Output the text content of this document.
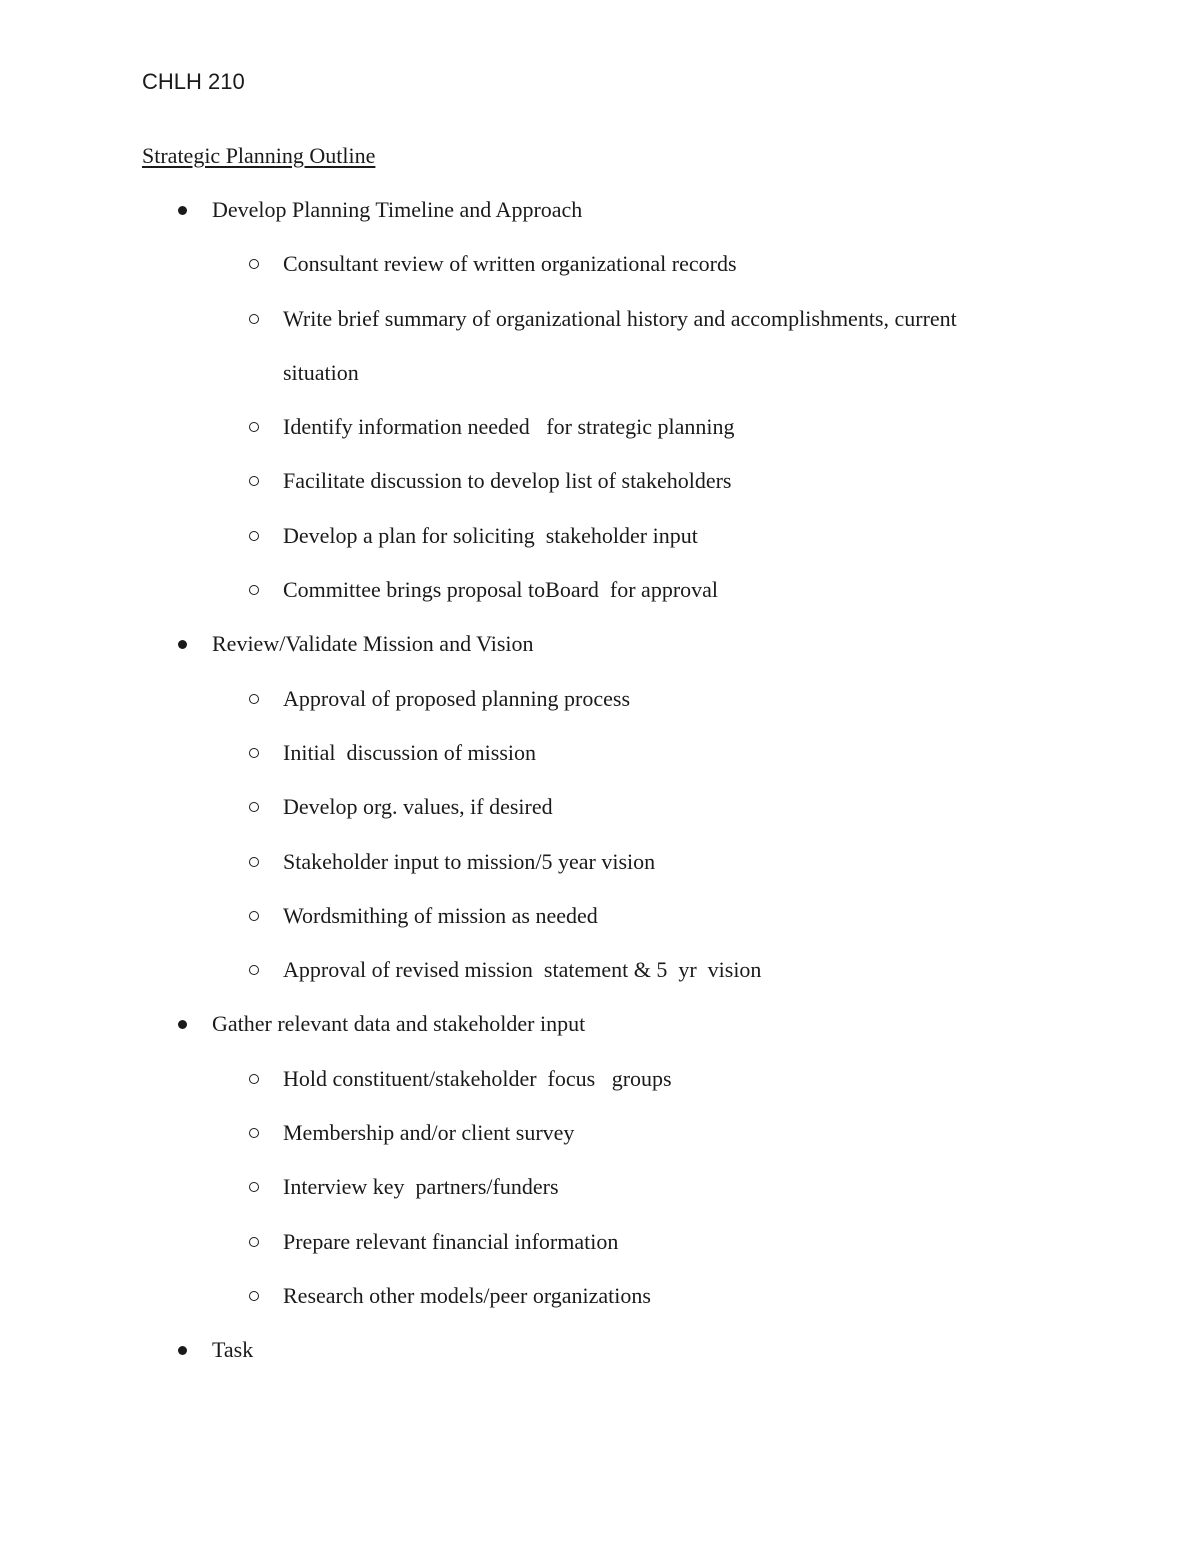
CHLH 210
Strategic Planning Outline
Develop Planning Timeline and Approach
Consultant review of written organizational records
Write brief summary of organizational history and accomplishments, current situation
Identify information needed   for strategic planning
Facilitate discussion to develop list of stakeholders
Develop a plan for soliciting  stakeholder input
Committee brings proposal toBoard  for approval
Review/Validate Mission and Vision
Approval of proposed planning process
Initial  discussion of mission
Develop org. values, if desired
Stakeholder input to mission/5 year vision
Wordsmithing of mission as needed
Approval of revised mission  statement & 5  yr  vision
Gather relevant data and stakeholder input
Hold constituent/stakeholder  focus   groups
Membership and/or client survey
Interview key  partners/funders
Prepare relevant financial information
Research other models/peer organizations
Task
